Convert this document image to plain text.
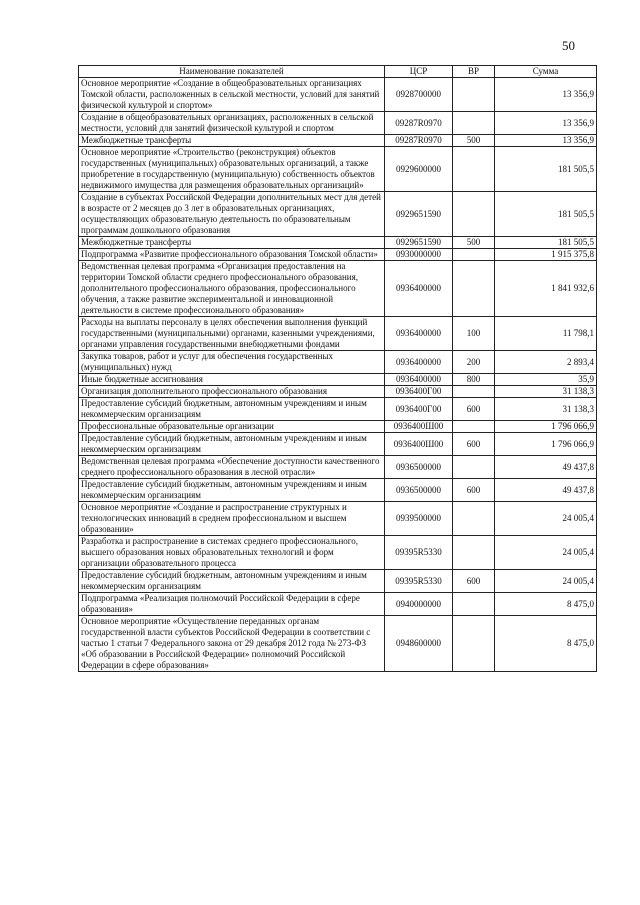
50
Наименование показателей	ЦСР	ВР	Сумма
Основное мероприятие «Создание в общеобразовательных организациях Томской области, расположенных в сельской местности, условий для занятий физической культурой и спортом»	0928700000		13 356,9
Создание в общеобразовательных организациях, расположенных в сельской местности, условий для занятий физической культурой и спортом	09287R0970		13 356,9
Межбюджетные трансферты	09287R0970	500	13 356,9
Основное мероприятие «Строительство (реконструкция) объектов государственных (муниципальных) образовательных организаций, а также приобретение в государственную (муниципальную) собственность объектов недвижимого имущества для размещения образовательных организаций»	0929600000		181 505,5
Создание в субъектах Российской Федерации дополнительных мест для детей в возрасте от 2 месяцев до 3 лет в образовательных организациях, осуществляющих образовательную деятельность по образовательным программам дошкольного образования	0929651590		181 505,5
Межбюджетные трансферты	0929651590	500	181 505,5
Подпрограмма «Развитие профессионального образования Томской области»	0930000000		1 915 375,8
Ведомственная целевая программа «Организация предоставления на территории Томской области среднего профессионального образования, дополнительного профессионального образования, профессионального обучения, а также развитие экспериментальной и инновационной деятельности в системе профессионального образования»	0936400000		1 841 932,6
Расходы на выплаты персоналу в целях обеспечения выполнения функций государственными (муниципальными) органами, казенными учреждениями, органами управления государственными внебюджетными фондами	0936400000	100	11 798,1
Закупка товаров, работ и услуг для обеспечения государственных (муниципальных) нужд	0936400000	200	2 893,4
Иные бюджетные ассигнования	0936400000	800	35,9
Организация дополнительного профессионального образования	0936400Г00		31 138,3
Предоставление субсидий бюджетным, автономным учреждениям и иным некоммерческим организациям	0936400Г00	600	31 138,3
Профессиональные образовательные организации	0936400Ш00		1 796 066,9
Предоставление субсидий бюджетным, автономным учреждениям и иным некоммерческим организациям	0936400Ш00	600	1 796 066,9
Ведомственная целевая программа «Обеспечение доступности качественного среднего профессионального образования в лесной отрасли»	0936500000		49 437,8
Предоставление субсидий бюджетным, автономным учреждениям и иным некоммерческим организациям	0936500000	600	49 437,8
Основное мероприятие «Создание и распространение структурных и технологических инноваций в среднем профессиональном и высшем образовании»	0939500000		24 005,4
Разработка и распространение в системах среднего профессионального, высшего образования новых образовательных технологий и форм организации образовательного процесса	09395R5330		24 005,4
Предоставление субсидий бюджетным, автономным учреждениям и иным некоммерческим организациям	09395R5330	600	24 005,4
Подпрограмма «Реализация полномочий Российской Федерации в сфере образования»	0940000000		8 475,0
Основное мероприятие «Осуществление переданных органам государственной власти субъектов Российской Федерации в соответствии с частью 1 статьи 7 Федерального закона от 29 декабря 2012 года № 273-ФЗ «Об образовании в Российской Федерации» полномочий Российской Федерации в сфере образования»	0948600000		8 475,0
